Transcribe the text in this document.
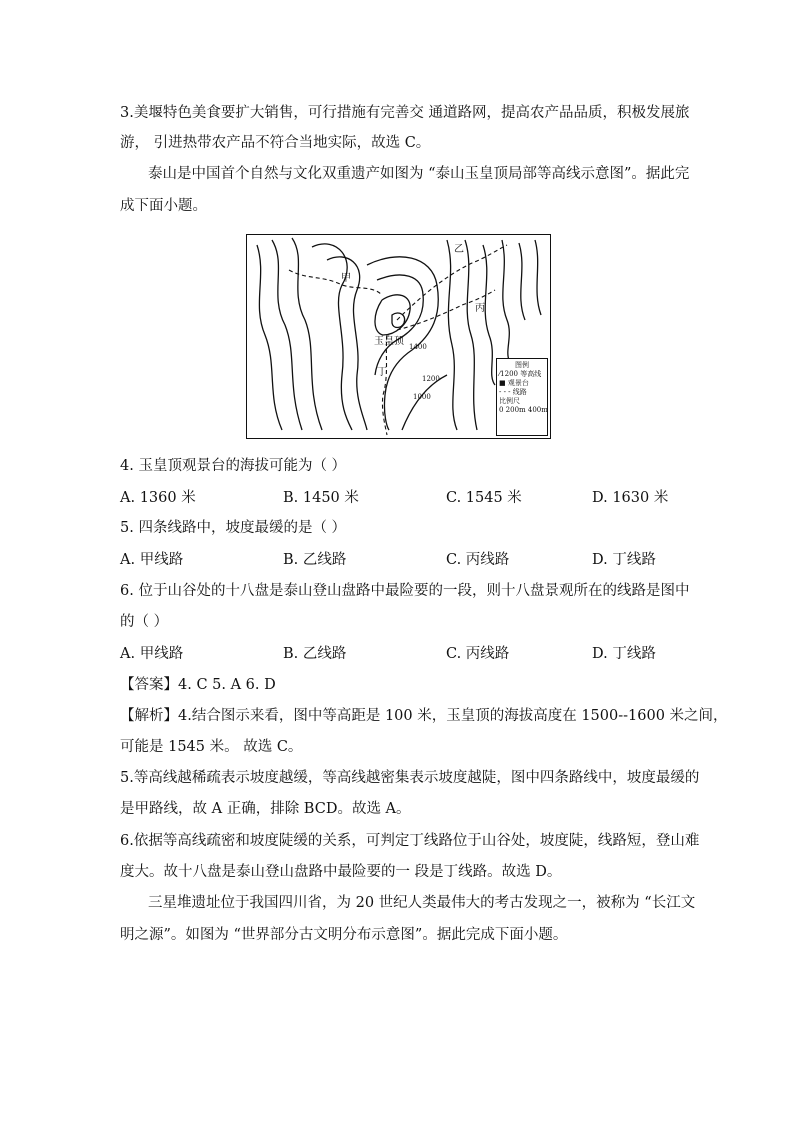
3.美堰特色美食要扩大销售，可行措施有完善交 通道路网，提高农产品品质，积极发展旅
游， 引进热带农产品不符合当地实际，故选 C。
泰山是中国首个自然与文化双重遗产如图为 “泰山玉皇顶局部等高线示意图”。据此完
成下面小题。
甲
乙
丙
丁
玉皇顶 1400
1200
1000
图例
⁄1200 等高线
■ 观景台
- - - 线路
比例尺
0 200m 400m
4. 玉皇顶观景台的海拔可能为（ ）
A. 1360 米	B. 1450 米	C. 1545 米	D. 1630 米
5. 四条线路中，坡度最缓的是（ ）
A. 甲线路	B. 乙线路	C. 丙线路	D. 丁线路
6. 位于山谷处的十八盘是泰山登山盘路中最险要的一段，则十八盘景观所在的线路是图中
的（ ）
A. 甲线路	B. 乙线路	C. 丙线路	D. 丁线路
【答案】4. C 5. A 6. D
【解析】4.结合图示来看，图中等高距是 100 米，玉皇顶的海拔高度在 1500--1600 米之间，
可能是 1545 米。 故选 C。
5.等高线越稀疏表示坡度越缓，等高线越密集表示坡度越陡，图中四条路线中，坡度最缓的
是甲路线，故 A 正确，排除 BCD。故选 A。
6.依据等高线疏密和坡度陡缓的关系，可判定丁线路位于山谷处，坡度陡，线路短，登山难
度大。故十八盘是泰山登山盘路中最险要的一 段是丁线路。故选 D。
三星堆遗址位于我国四川省，为 20 世纪人类最伟大的考古发现之一，被称为 “长江文
明之源”。如图为 “世界部分古文明分布示意图”。据此完成下面小题。
